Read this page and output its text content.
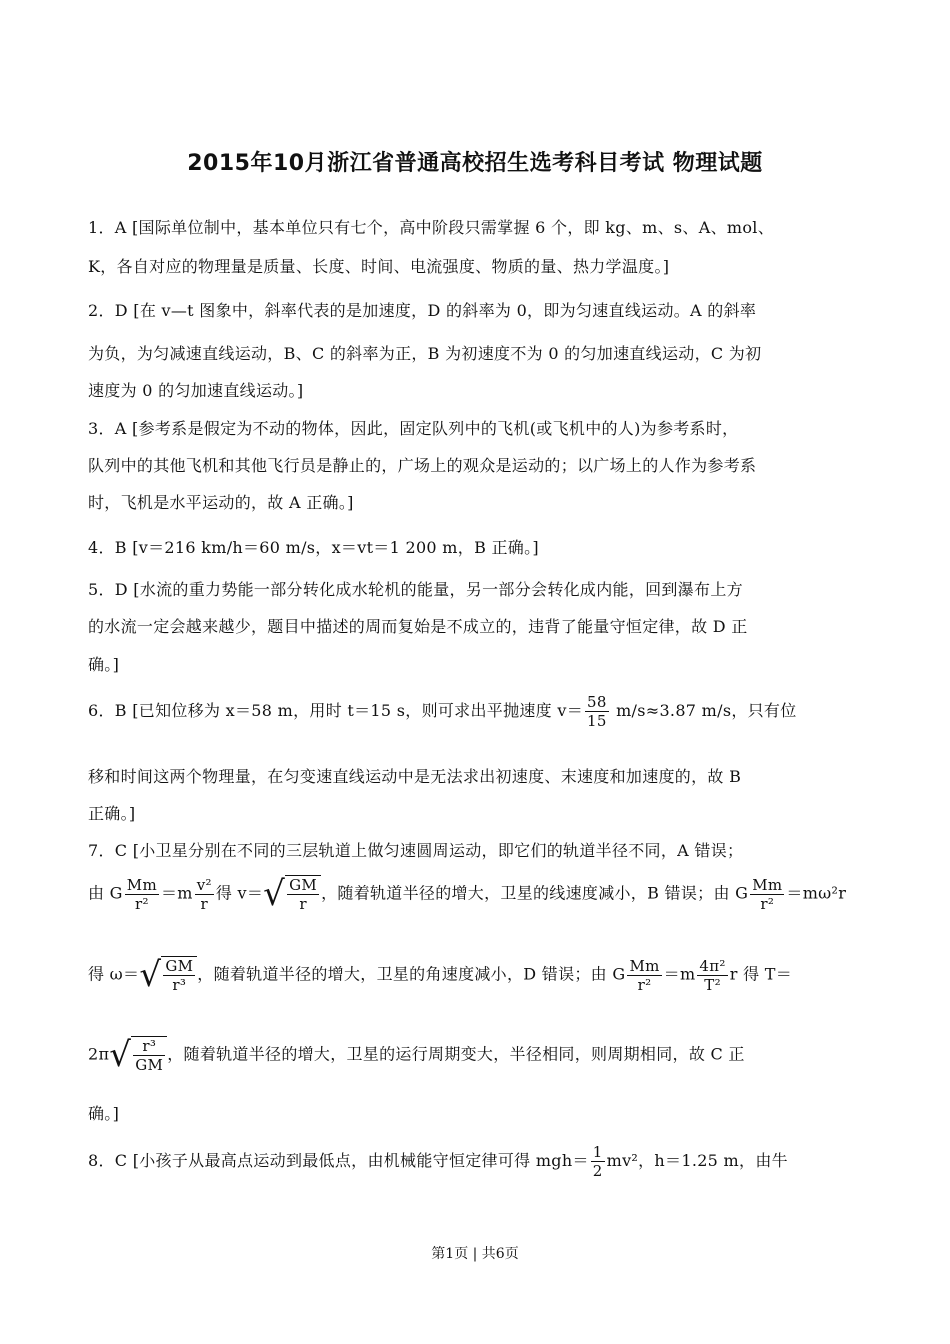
2015年10月浙江省普通高校招生选考科目考试 物理试题
1．A [国际单位制中，基本单位只有七个，高中阶段只需掌握 6 个，即 kg、m、s、A、mol、
K，各自对应的物理量是质量、长度、时间、电流强度、物质的量、热力学温度。]
2．D [在 v—t 图象中，斜率代表的是加速度，D 的斜率为 0，即为匀速直线运动。A 的斜率
为负，为匀减速直线运动，B、C 的斜率为正，B 为初速度不为 0 的匀加速直线运动，C 为初
速度为 0 的匀加速直线运动。]
3．A [参考系是假定为不动的物体，因此，固定队列中的飞机(或飞机中的人)为参考系时，
队列中的其他飞机和其他飞行员是静止的，广场上的观众是运动的；以广场上的人作为参考系
时，飞机是水平运动的，故 A 正确。]
4．B [v＝216 km/h＝60 m/s，x＝vt＝1 200 m，B 正确。]
5．D [水流的重力势能一部分转化成水轮机的能量，另一部分会转化成内能，回到瀑布上方
的水流一定会越来越少，题目中描述的周而复始是不成立的，违背了能量守恒定律，故 D 正
确。]
6．B [已知位移为 x＝58 m，用时 t＝15 s，则可求出平抛速度 $v= \frac{58}{15} m/s\approx 3.87$ m/s，只有位
移和时间这两个物理量，在匀变速直线运动中是无法求出初速度、末速度和加速度的，故 B
正确。]
7．C [小卫星分别在不同的三层轨道上做匀速圆周运动，即它们的轨道半径不同，A 错误；
由 G $\frac{Mm}{\text{r²}} =m \frac{\text{v²}}{r}$ 得 $v=√ \frac{GM}{r}$ ，随着轨道半径的增大，卫星的线速度减小，B 错误；由 G $\frac{Mm}{\text{r²}} =m\omega^2r$
得 $\omega=√ \frac{GM}{\text{r³}}$ ，随着轨道半径的增大，卫星的角速度减小，D 错误；由 G $\frac{Mm}{\text{r²}} =m \frac{\text{4π²}}{\text{T²}}$ r 得 T＝
$2\pi√ \frac{\text{r³}}{GM}$ ，随着轨道半径的增大，卫星的运行周期变大，半径相同，则周期相同，故 C 正
确。]
8．C [小孩子从最高点运动到最低点，由机械能守恒定律可得 $mgh= \frac{1}{2} mv^2$，h＝1.25 m，由牛
第1页 | 共6页
